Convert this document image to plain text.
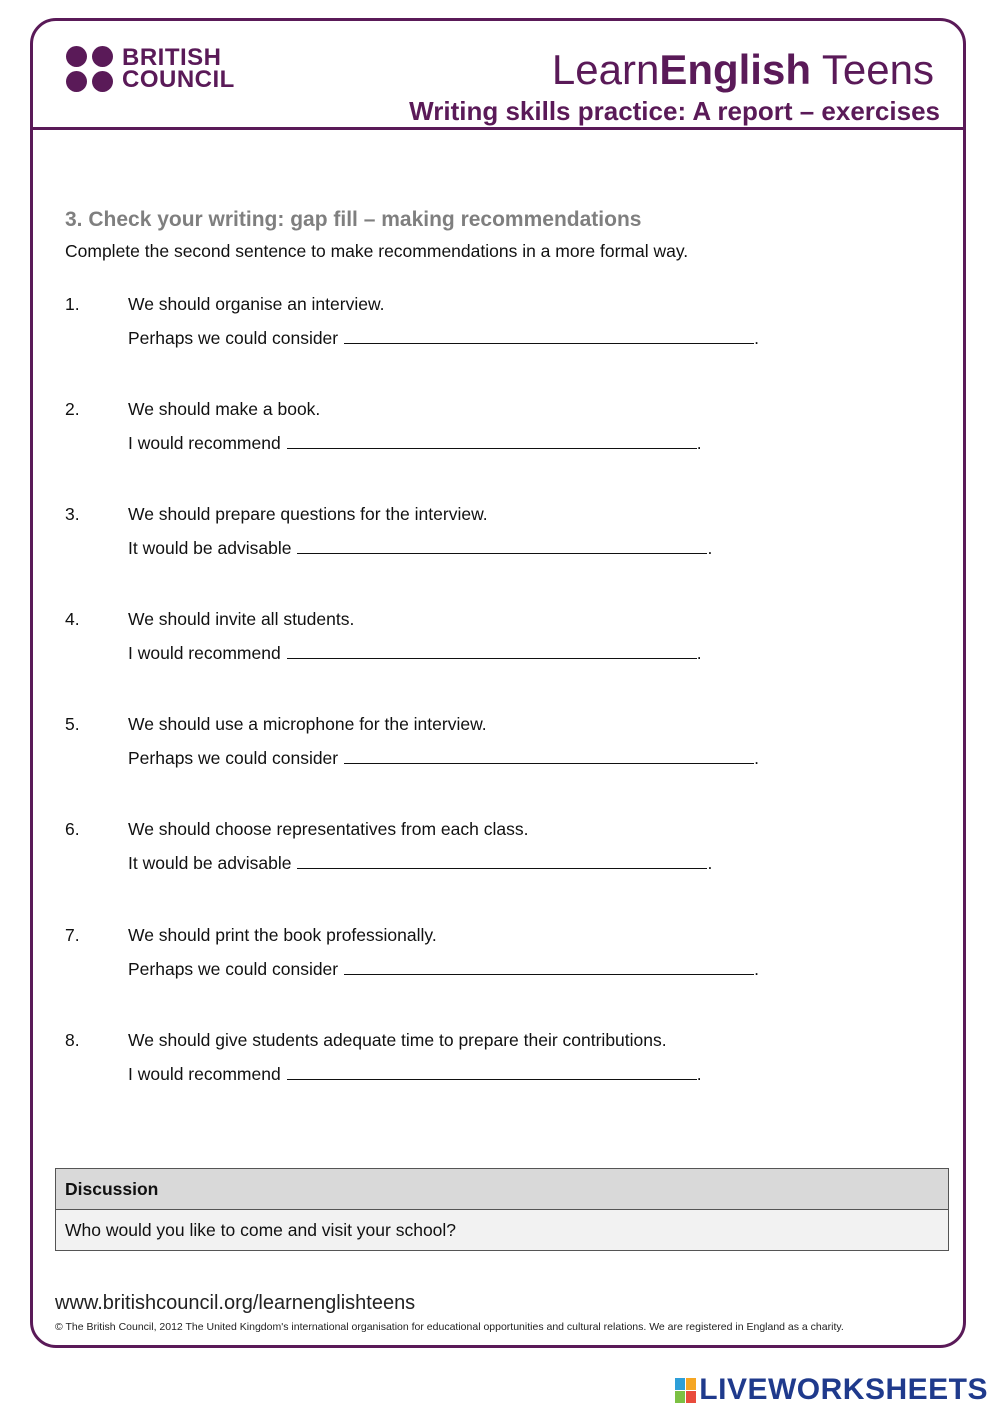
BRITISH
COUNCIL	LearnEnglish Teens
Writing skills practice: A report – exercises
3. Check your writing: gap fill – making recommendations
Complete the second sentence to make recommendations in a more formal way.
1.	We should organise an interview.
Perhaps we could consider	.
2.	We should make a book.
I would recommend	.
3.	We should prepare questions for the interview.
It would be advisable	.
4.	We should invite all students.
I would recommend	.
5.	We should use a microphone for the interview.
Perhaps we could consider	.
6.	We should choose representatives from each class.
It would be advisable	.
7.	We should print the book professionally.
Perhaps we could consider	.
8.	We should give students adequate time to prepare their contributions.
I would recommend	.
Discussion
Who would you like to come and visit your school?
www.britishcouncil.org/learnenglishteens
© The British Council, 2012 The United Kingdom's international organisation for educational opportunities and cultural relations. We are registered in England as a charity.
LIVEWORKSHEETS
